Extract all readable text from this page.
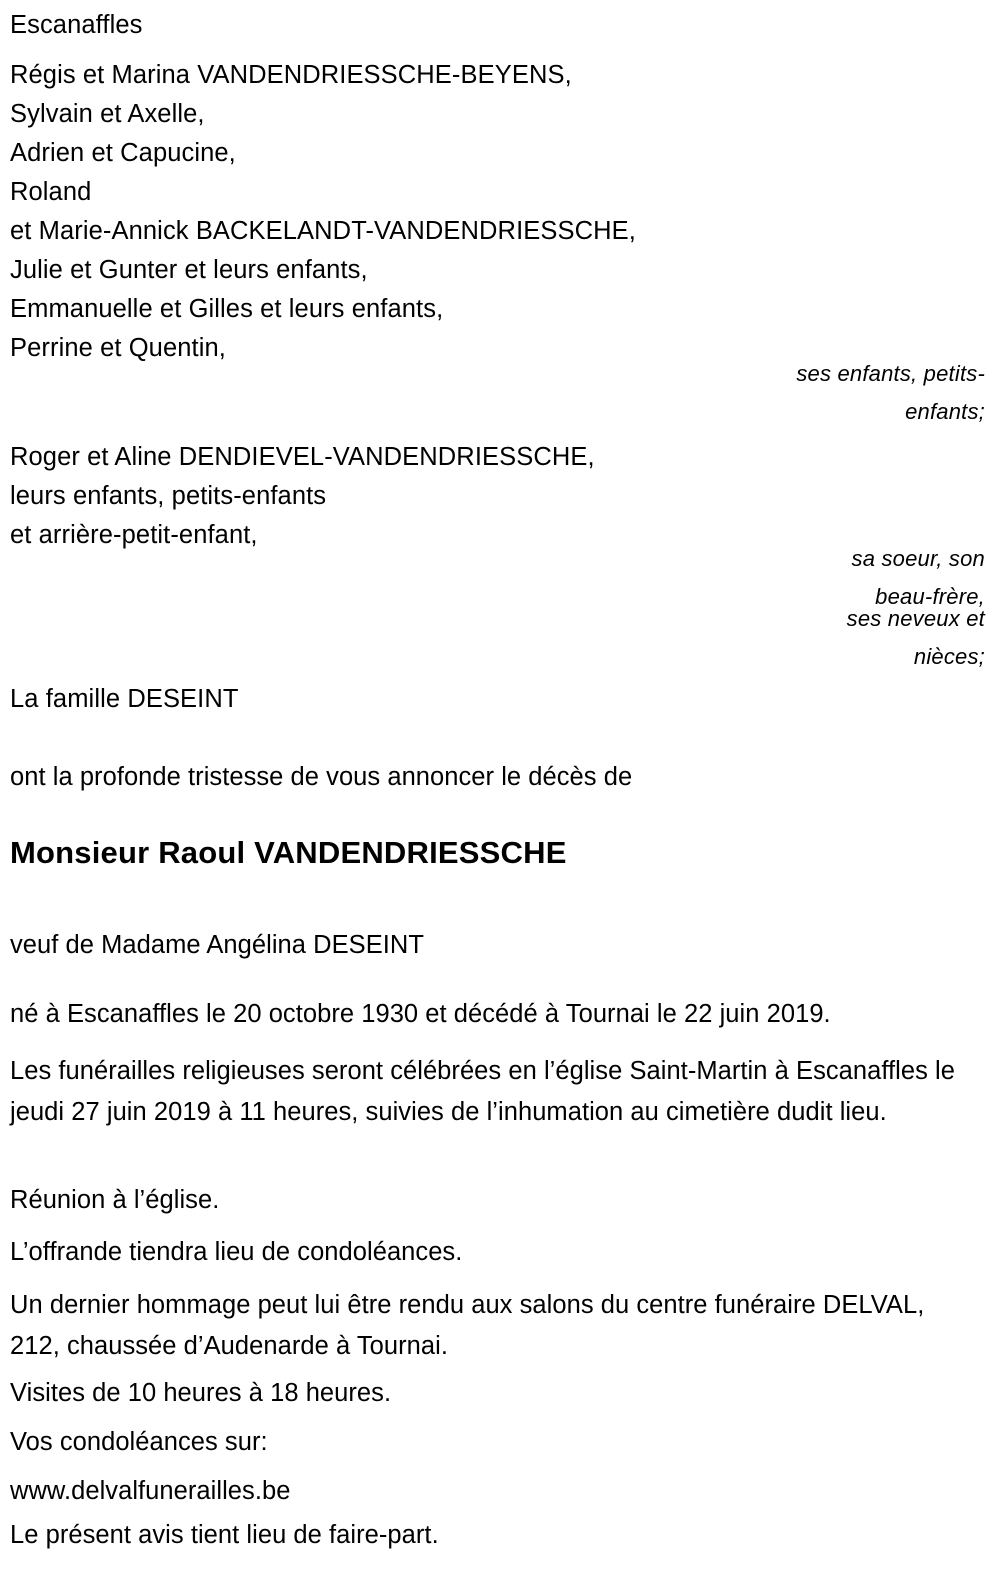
Escanaffles
Régis et Marina VANDENDRIESSCHE-BEYENS,
Sylvain et Axelle,
Adrien et Capucine,
Roland
et Marie-Annick BACKELANDT-VANDENDRIESSCHE,
Julie et Gunter et leurs enfants,
Emmanuelle et Gilles et leurs enfants,
Perrine et Quentin,
ses enfants, petits-
enfants;
Roger et Aline DENDIEVEL-VANDENDRIESSCHE,
leurs enfants, petits-enfants
et arrière-petit-enfant,
sa soeur, son
beau-frère,
ses neveux et
nièces;
La famille DESEINT
ont la profonde tristesse de vous annoncer le décès de
Monsieur Raoul VANDENDRIESSCHE
veuf de Madame Angélina DESEINT
né à Escanaffles le 20 octobre 1930 et décédé à Tournai le 22 juin 2019.
Les funérailles religieuses seront célébrées en l’église Saint-Martin à Escanaffles le jeudi 27 juin 2019 à 11 heures, suivies de l’inhumation au cimetière dudit lieu.
Réunion à l’église.
L’offrande tiendra lieu de condoléances.
Un dernier hommage peut lui être rendu aux salons du centre funéraire DELVAL, 212, chaussée d’Audenarde à Tournai.
Visites de 10 heures à 18 heures.
Vos condoléances sur:
www.delvalfunerailles.be
Le présent avis tient lieu de faire-part.
